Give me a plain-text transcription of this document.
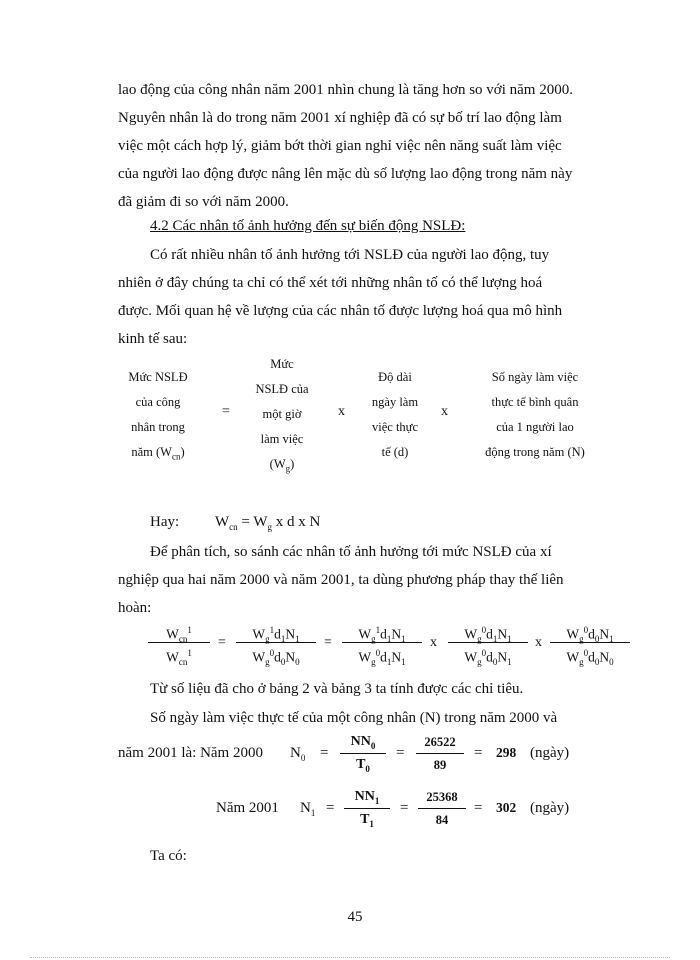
lao động của công nhân năm 2001 nhìn chung là tăng hơn so với năm 2000.
Nguyên nhân là do trong năm 2001 xí nghiệp đã có sự bố trí lao động làm
việc một cách hợp lý, giảm bớt thời gian nghỉ việc nên năng suất làm việc
của người lao động được nâng lên mặc dù số lượng lao động trong năm này
đã giảm đi so với năm 2000.
4.2 Các nhân tố ảnh hưởng đến sự biến động NSLĐ:
Có rất nhiều nhân tố ảnh hưởng tới NSLĐ của người lao động, tuy
nhiên ở đây chúng ta chỉ có thể xét tới những nhân tố có thể lượng hoá
được. Mối quan hệ về lượng của các nhân tố được lượng hoá qua mô hình
kinh tế sau:
Mức NSLĐ
của công
nhân trong
năm $(W_{cn})$
=
Mức
NSLĐ của
một giờ
làm việc
$(W_g)$
x
Độ dài
ngày làm
việc thực
tế (d)
x
Số ngày làm việc
thực tế bình quân
của 1 người lao
động trong năm (N)
Hay: $W_{cn} = W_g$ x d x N
Để phân tích, so sánh các nhân tố ảnh hưởng tới mức NSLĐ của xí
nghiệp qua hai năm 2000 và năm 2001, ta dùng phương pháp thay thế liên
hoàn:
$W_{cn}^1$
$W_{cn}^1$
=
$W_g^1d_1N_1$
$W_g^0d_0N_0$
=
$W_g^1d_1N_1$
$W_g^0d_1N_1$
x
$W_g^0d_1N_1$
$W_g^0d_0N_1$
x
$W_g^0d_0N_1$
$W_g^0d_0N_0$
Từ số liệu đã cho ở bảng 2 và bảng 3 ta tính được các chỉ tiêu.
Số ngày làm việc thực tế của một công nhân (N) trong năm 2000 và
năm 2001 là: Năm 2000 $N_0$ =
$NN_0$
$T_0$
=
26522
89
= 298 (ngày)
Năm 2001 $N_1$ =
$NN_1$
$T_1$
=
25368
84
= 302 (ngày)
Ta có:
45
